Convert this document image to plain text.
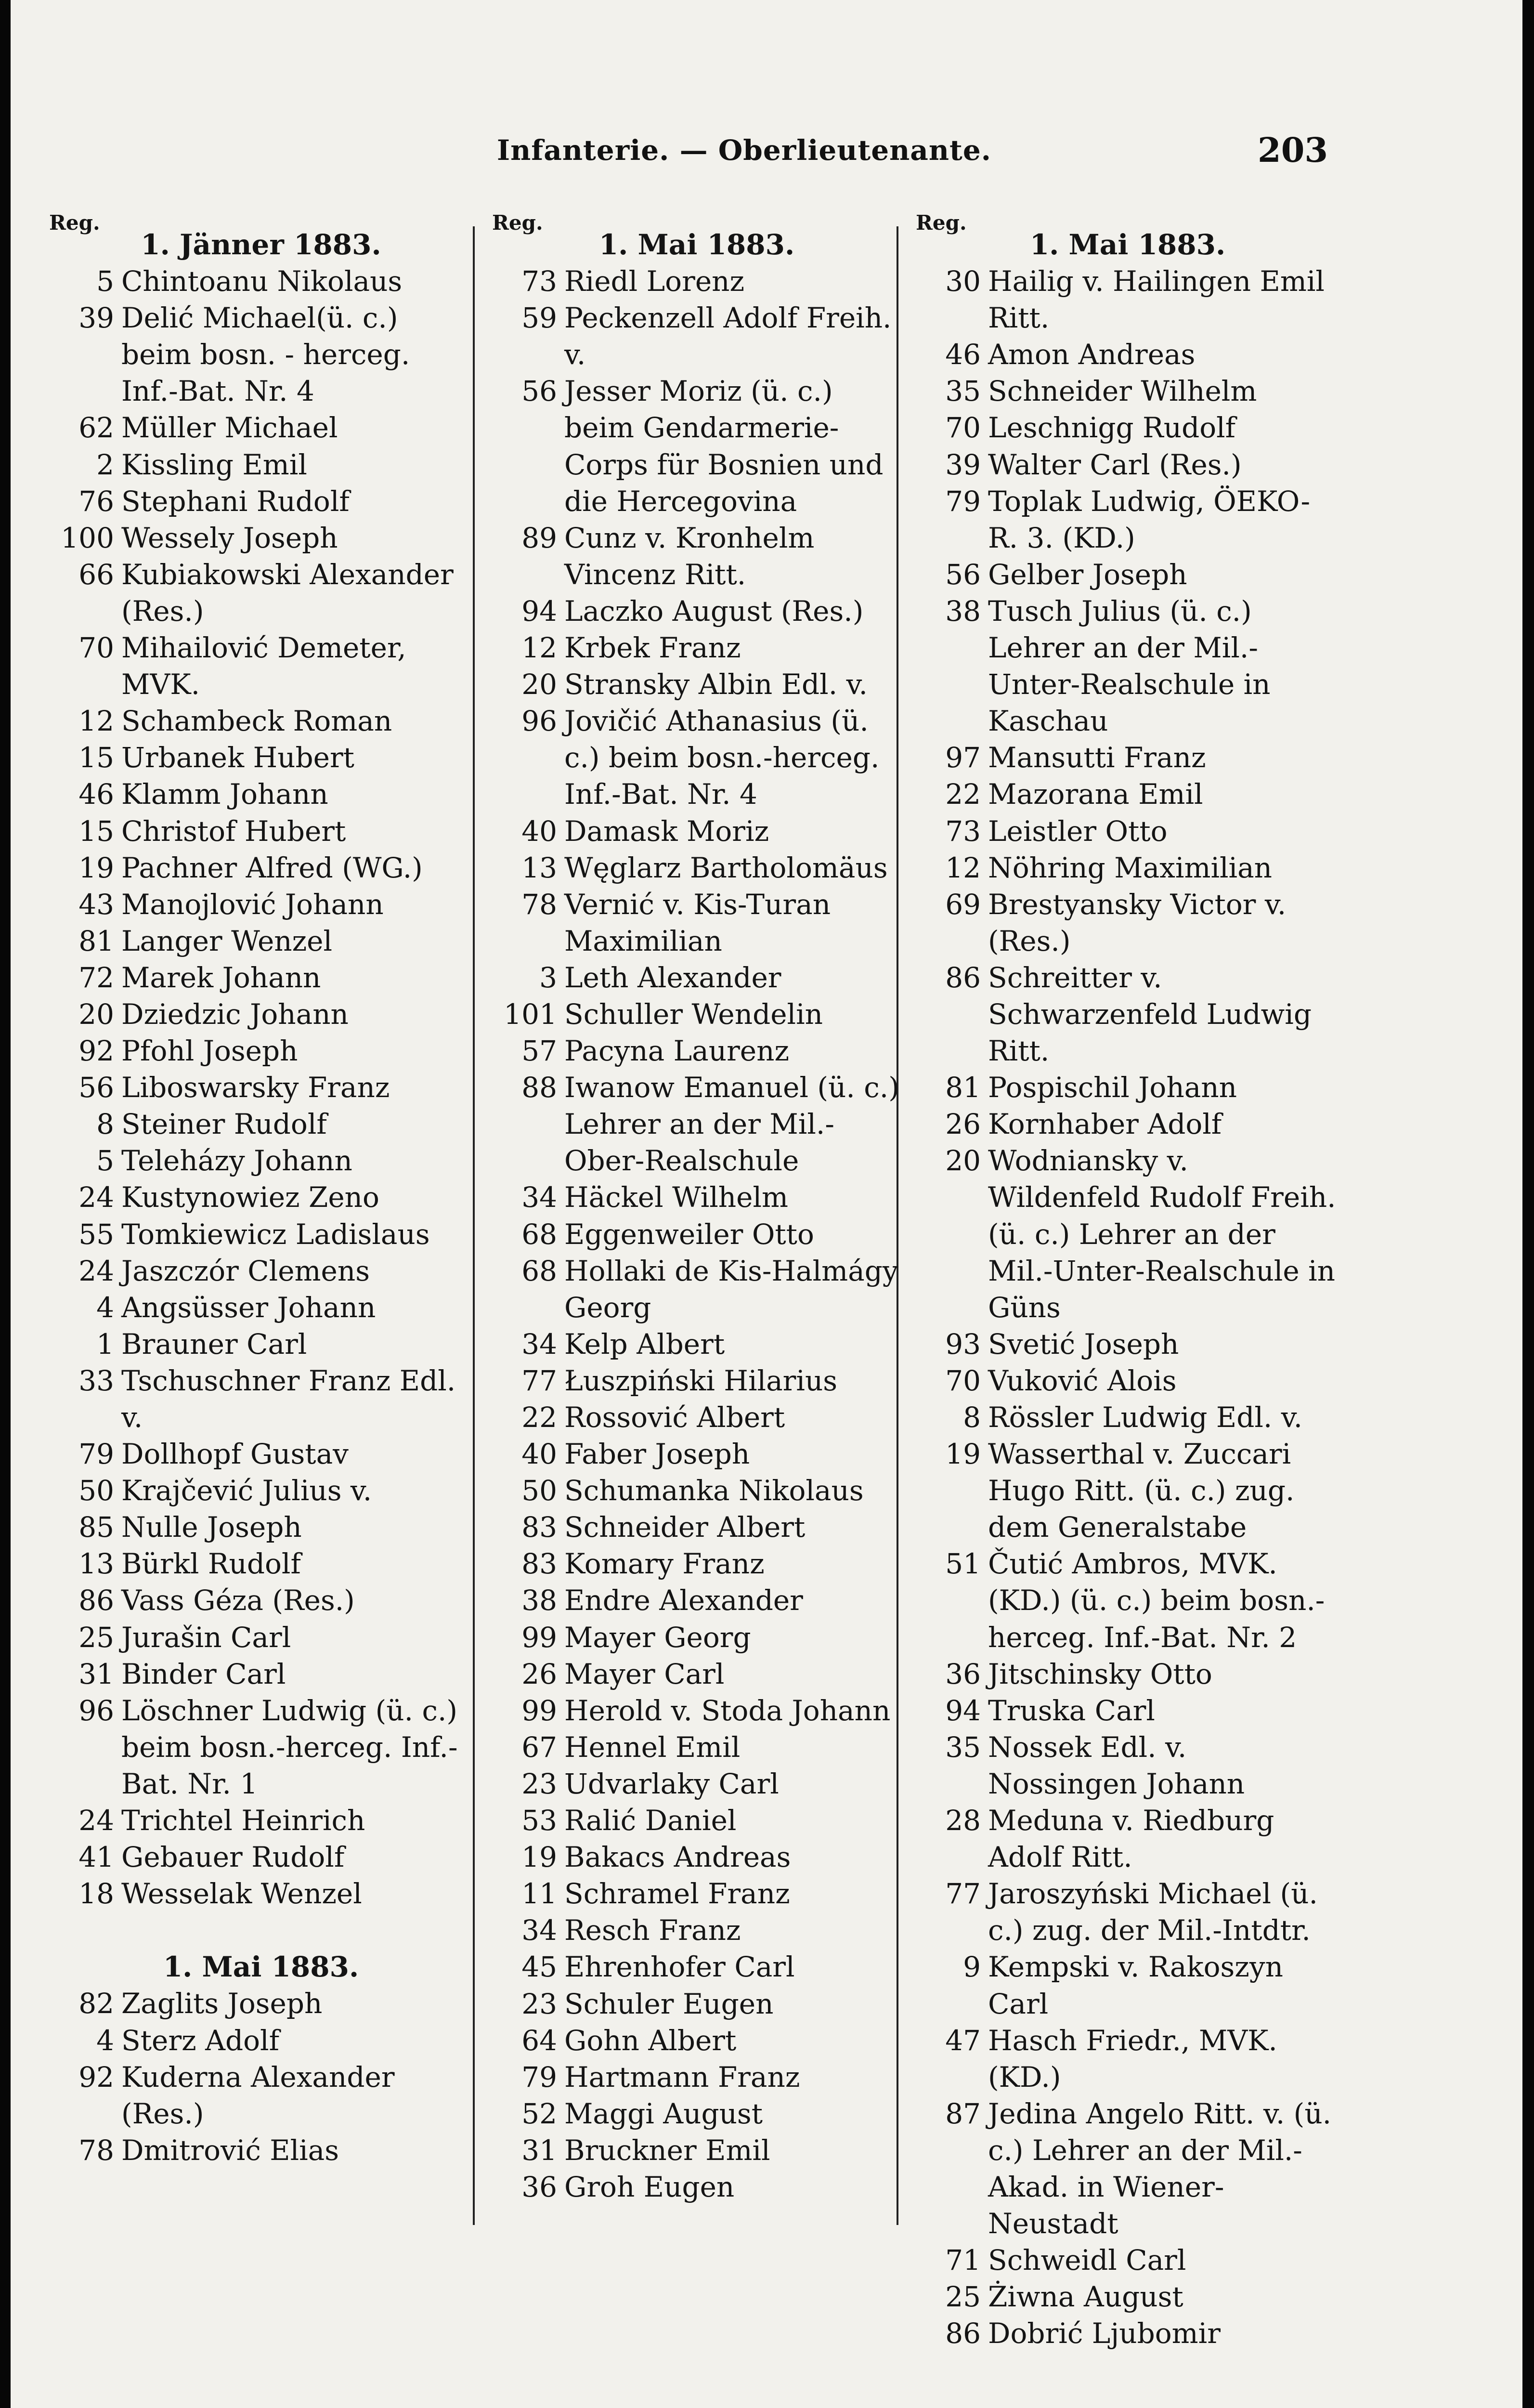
Infanterie. — Oberlieutenante.	203
Reg.
1. Jänner 1883.
5 Chintoanu Nikolaus
39 Delić Michael(ü. c.) beim bosn. - herceg. Inf.-Bat. Nr. 4
62 Müller Michael
2 Kissling Emil
76 Stephani Rudolf
100 Wessely Joseph
66 Kubiakowski Alexander (Res.)
70 Mihailović Demeter, MVK.
12 Schambeck Roman
15 Urbanek Hubert
46 Klamm Johann
15 Christof Hubert
19 Pachner Alfred (WG.)
43 Manojlović Johann
81 Langer Wenzel
72 Marek Johann
20 Dziedzic Johann
92 Pfohl Joseph
56 Liboswarsky Franz
8 Steiner Rudolf
5 Teleházy Johann
24 Kustynowiez Zeno
55 Tomkiewicz Ladislaus
24 Jaszczór Clemens
4 Angsüsser Johann
1 Brauner Carl
33 Tschuschner Franz Edl. v.
79 Dollhopf Gustav
50 Krajčević Julius v.
85 Nulle Joseph
13 Bürkl Rudolf
86 Vass Géza (Res.)
25 Jurašin Carl
31 Binder Carl
96 Löschner Ludwig (ü. c.) beim bosn.-herceg. Inf.-Bat. Nr. 1
24 Trichtel Heinrich
41 Gebauer Rudolf
18 Wesselak Wenzel
1. Mai 1883.
82 Zaglits Joseph
4 Sterz Adolf
92 Kuderna Alexander (Res.)
78 Dmitrović Elias
Reg.
1. Mai 1883.
73 Riedl Lorenz
59 Peckenzell Adolf Freih. v.
56 Jesser Moriz (ü. c.) beim Gendarmerie-Corps für Bosnien und die Hercegovina
89 Cunz v. Kronhelm Vincenz Ritt.
94 Laczko August (Res.)
12 Krbek Franz
20 Stransky Albin Edl. v.
96 Jovičić Athanasius (ü. c.) beim bosn.-herceg. Inf.-Bat. Nr. 4
40 Damask Moriz
13 Węglarz Bartholomäus
78 Vernić v. Kis-Turan Maximilian
3 Leth Alexander
101 Schuller Wendelin
57 Pacyna Laurenz
88 Iwanow Emanuel (ü. c.) Lehrer an der Mil.-Ober-Realschule
34 Häckel Wilhelm
68 Eggenweiler Otto
68 Hollaki de Kis-Halmágy Georg
34 Kelp Albert
77 Łuszpiński Hilarius
22 Rossović Albert
40 Faber Joseph
50 Schumanka Nikolaus
83 Schneider Albert
83 Komary Franz
38 Endre Alexander
99 Mayer Georg
26 Mayer Carl
99 Herold v. Stoda Johann
67 Hennel Emil
23 Udvarlaky Carl
53 Ralić Daniel
19 Bakacs Andreas
11 Schramel Franz
34 Resch Franz
45 Ehrenhofer Carl
23 Schuler Eugen
64 Gohn Albert
79 Hartmann Franz
52 Maggi August
31 Bruckner Emil
36 Groh Eugen
Reg.
1. Mai 1883.
30 Hailig v. Hailingen Emil Ritt.
46 Amon Andreas
35 Schneider Wilhelm
70 Leschnigg Rudolf
39 Walter Carl (Res.)
79 Toplak Ludwig, ÖEKO-R. 3. (KD.)
56 Gelber Joseph
38 Tusch Julius (ü. c.) Lehrer an der Mil.-Unter-Realschule in Kaschau
97 Mansutti Franz
22 Mazorana Emil
73 Leistler Otto
12 Nöhring Maximilian
69 Brestyansky Victor v. (Res.)
86 Schreitter v. Schwarzenfeld Ludwig Ritt.
81 Pospischil Johann
26 Kornhaber Adolf
20 Wodniansky v. Wildenfeld Rudolf Freih. (ü. c.) Lehrer an der Mil.-Unter-Realschule in Güns
93 Svetić Joseph
70 Vuković Alois
8 Rössler Ludwig Edl. v.
19 Wasserthal v. Zuccari Hugo Ritt. (ü. c.) zug. dem Generalstabe
51 Čutić Ambros, MVK. (KD.) (ü. c.) beim bosn.-herceg. Inf.-Bat. Nr. 2
36 Jitschinsky Otto
94 Truska Carl
35 Nossek Edl. v. Nossingen Johann
28 Meduna v. Riedburg Adolf Ritt.
77 Jaroszyński Michael (ü. c.) zug. der Mil.-Intdtr.
9 Kempski v. Rakoszyn Carl
47 Hasch Friedr., MVK. (KD.)
87 Jedina Angelo Ritt. v. (ü. c.) Lehrer an der Mil.-Akad. in Wiener-Neustadt
71 Schweidl Carl
25 Żiwna August
86 Dobrić Ljubomir
